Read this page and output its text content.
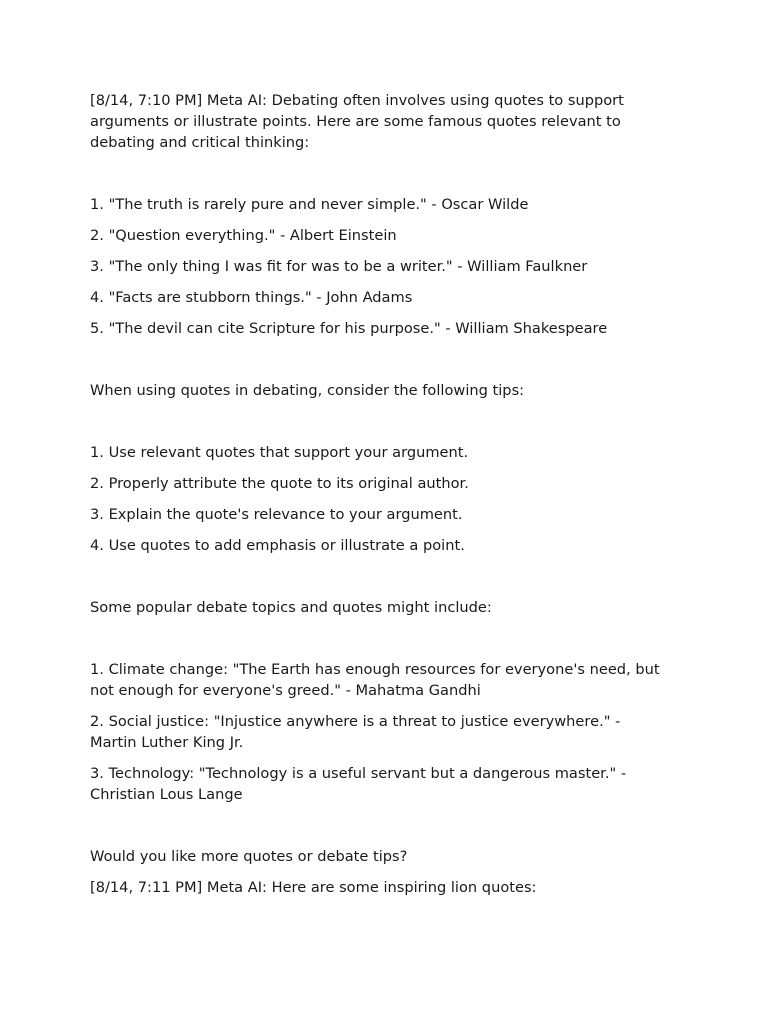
[8/14, 7:10 PM] Meta AI: Debating often involves using quotes to support arguments or illustrate points. Here are some famous quotes relevant to debating and critical thinking:

1. "The truth is rarely pure and never simple." - Oscar Wilde

2. "Question everything." - Albert Einstein

3. "The only thing I was fit for was to be a writer." - William Faulkner

4. "Facts are stubborn things." - John Adams

5. "The devil can cite Scripture for his purpose." - William Shakespeare

When using quotes in debating, consider the following tips:

1. Use relevant quotes that support your argument.

2. Properly attribute the quote to its original author.

3. Explain the quote's relevance to your argument.

4. Use quotes to add emphasis or illustrate a point.

Some popular debate topics and quotes might include:

1. Climate change: "The Earth has enough resources for everyone's need, but not enough for everyone's greed." - Mahatma Gandhi

2. Social justice: "Injustice anywhere is a threat to justice everywhere." - Martin Luther King Jr.

3. Technology: "Technology is a useful servant but a dangerous master." - Christian Lous Lange

Would you like more quotes or debate tips?

[8/14, 7:11 PM] Meta AI: Here are some inspiring lion quotes:
